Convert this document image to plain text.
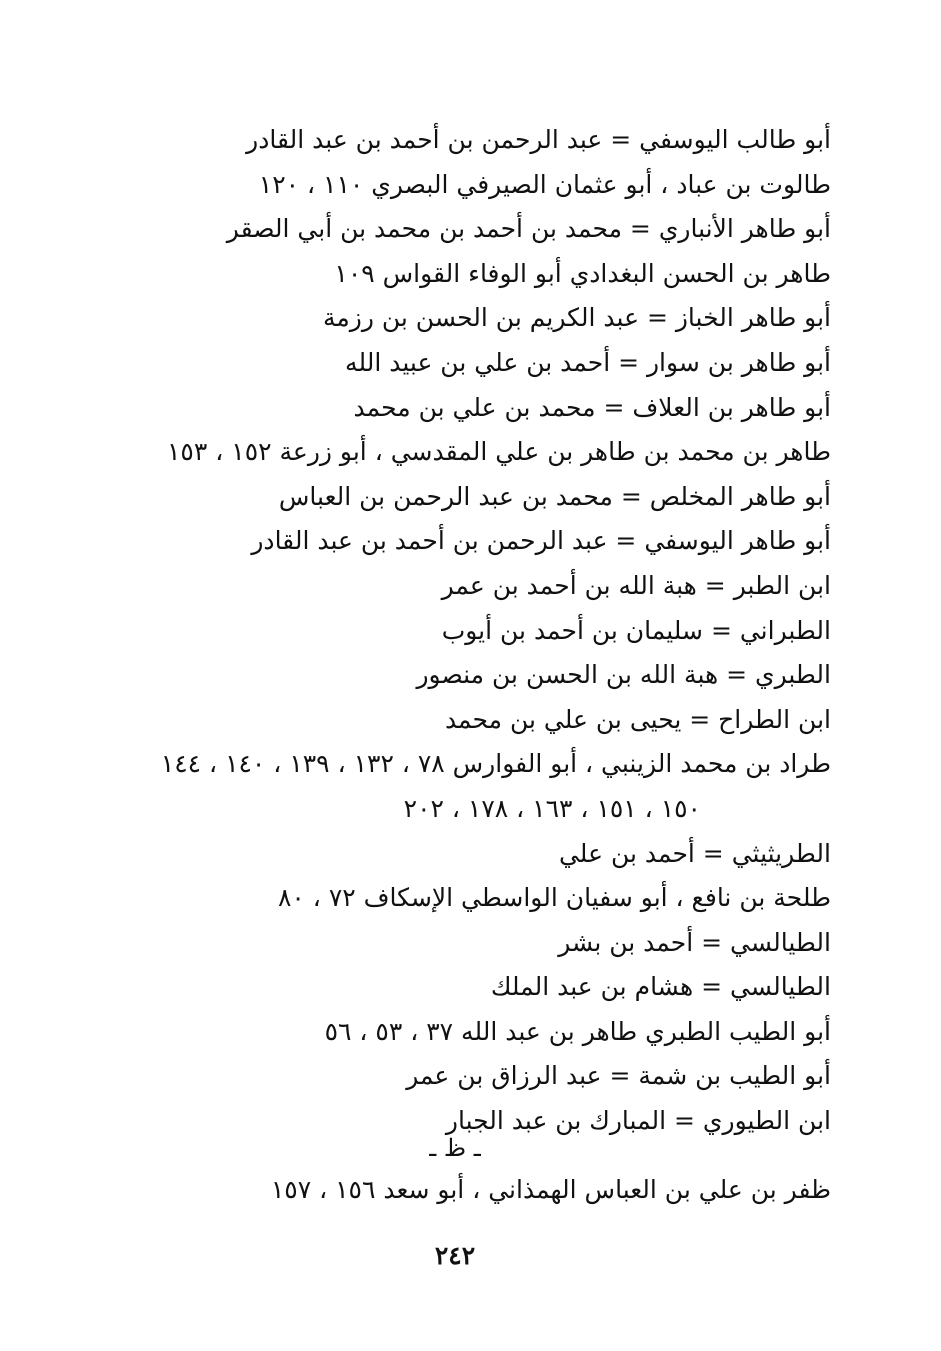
أبو طالب اليوسفي = عبد الرحمن بن أحمد بن عبد القادر
طالوت بن عباد ، أبو عثمان الصيرفي البصري ١١٠ ، ١٢٠
أبو طاهر الأنباري = محمد بن أحمد بن محمد بن أبي الصقر
طاهر بن الحسن البغدادي أبو الوفاء القواس ١٠٩
أبو طاهر الخباز = عبد الكريم بن الحسن بن رزمة
أبو طاهر بن سوار = أحمد بن علي بن عبيد الله
أبو طاهر بن العلاف = محمد بن علي بن محمد
طاهر بن محمد بن طاهر بن علي المقدسي ، أبو زرعة ١٥٢ ، ١٥٣
أبو طاهر المخلص = محمد بن عبد الرحمن بن العباس
أبو طاهر اليوسفي = عبد الرحمن بن أحمد بن عبد القادر
ابن الطبر = هبة الله بن أحمد بن عمر
الطبراني = سليمان بن أحمد بن أيوب
الطبري = هبة الله بن الحسن بن منصور
ابن الطراح = يحيى بن علي بن محمد
طراد بن محمد الزينبي ، أبو الفوارس ٧٨ ، ١٣٢ ، ١٣٩ ، ١٤٠ ، ١٤٤
١٥٠ ، ١٥١ ، ١٦٣ ، ١٧٨ ، ٢٠٢
الطريثيثي = أحمد بن علي
طلحة بن نافع ، أبو سفيان الواسطي الإسكاف ٧٢ ، ٨٠
الطيالسي = أحمد بن بشر
الطيالسي = هشام بن عبد الملك
أبو الطيب الطبري طاهر بن عبد الله ٣٧ ، ٥٣ ، ٥٦
أبو الطيب بن شمة = عبد الرزاق بن عمر
ابن الطيوري = المبارك بن عبد الجبار
ـ ظ ـ
ظفر بن علي بن العباس الهمذاني ، أبو سعد ١٥٦ ، ١٥٧
٢٤٢
